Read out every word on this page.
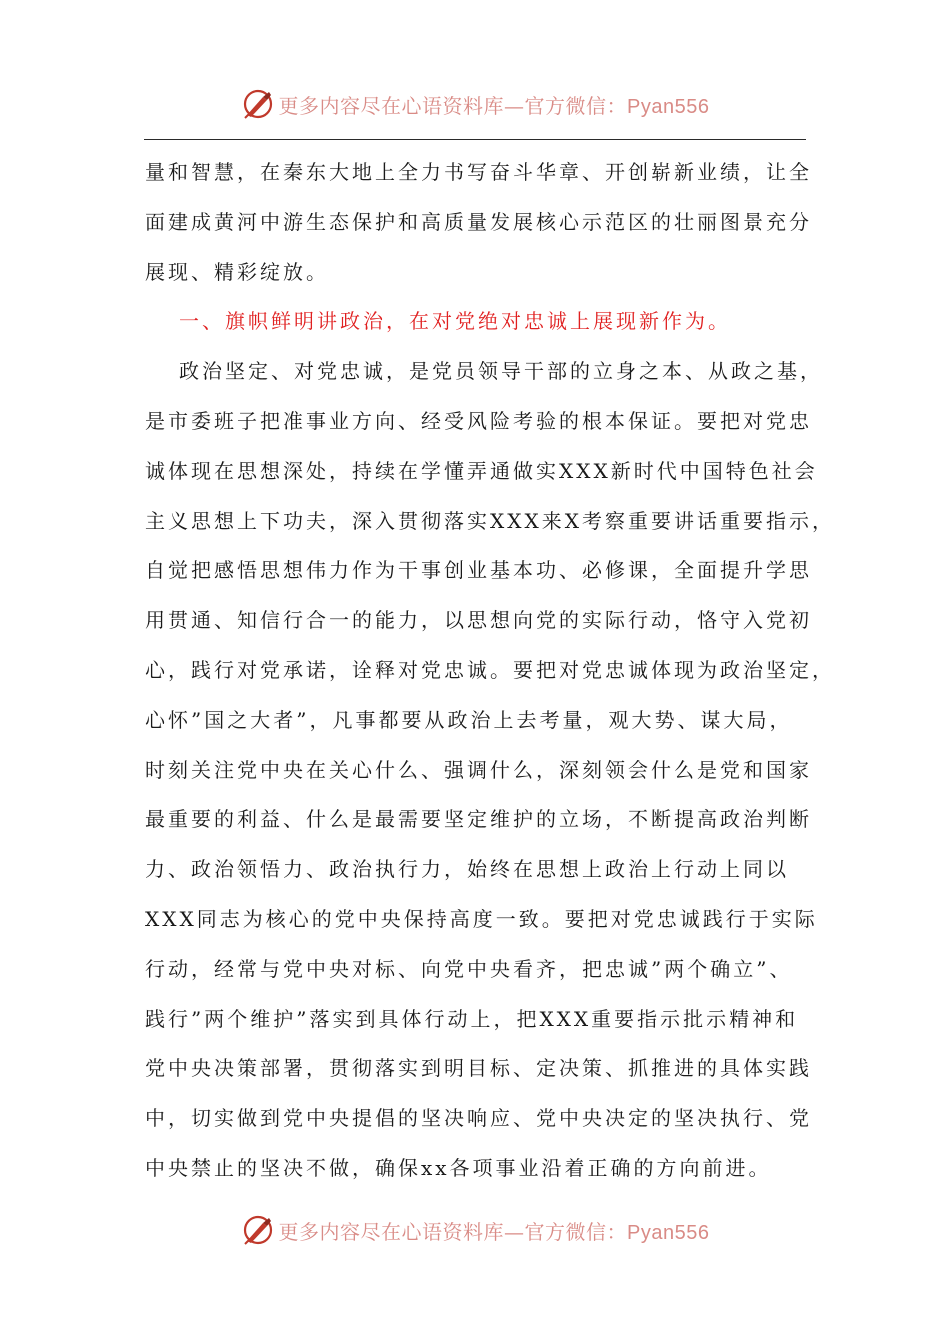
更多内容尽在心语资料库—官方微信：Pyan556
量和智慧，在秦东大地上全力书写奋斗华章、开创崭新业绩，让全
面建成黄河中游生态保护和高质量发展核心示范区的壮丽图景充分
展现、精彩绽放。
一、旗帜鲜明讲政治，在对党绝对忠诚上展现新作为。
政治坚定、对党忠诚，是党员领导干部的立身之本、从政之基，
是市委班子把准事业方向、经受风险考验的根本保证。要把对党忠
诚体现在思想深处，持续在学懂弄通做实XXX新时代中国特色社会
主义思想上下功夫，深入贯彻落实XXX来X考察重要讲话重要指示，
自觉把感悟思想伟力作为干事创业基本功、必修课，全面提升学思
用贯通、知信行合一的能力，以思想向党的实际行动，恪守入党初
心，践行对党承诺，诠释对党忠诚。要把对党忠诚体现为政治坚定，
心怀”国之大者”，凡事都要从政治上去考量，观大势、谋大局，
时刻关注党中央在关心什么、强调什么，深刻领会什么是党和国家
最重要的利益、什么是最需要坚定维护的立场，不断提高政治判断
力、政治领悟力、政治执行力，始终在思想上政治上行动上同以
XXX同志为核心的党中央保持高度一致。要把对党忠诚践行于实际
行动，经常与党中央对标、向党中央看齐，把忠诚”两个确立”、
践行”两个维护”落实到具体行动上，把XXX重要指示批示精神和
党中央决策部署，贯彻落实到明目标、定决策、抓推进的具体实践
中，切实做到党中央提倡的坚决响应、党中央决定的坚决执行、党
中央禁止的坚决不做，确保xx各项事业沿着正确的方向前进。
更多内容尽在心语资料库—官方微信：Pyan556
